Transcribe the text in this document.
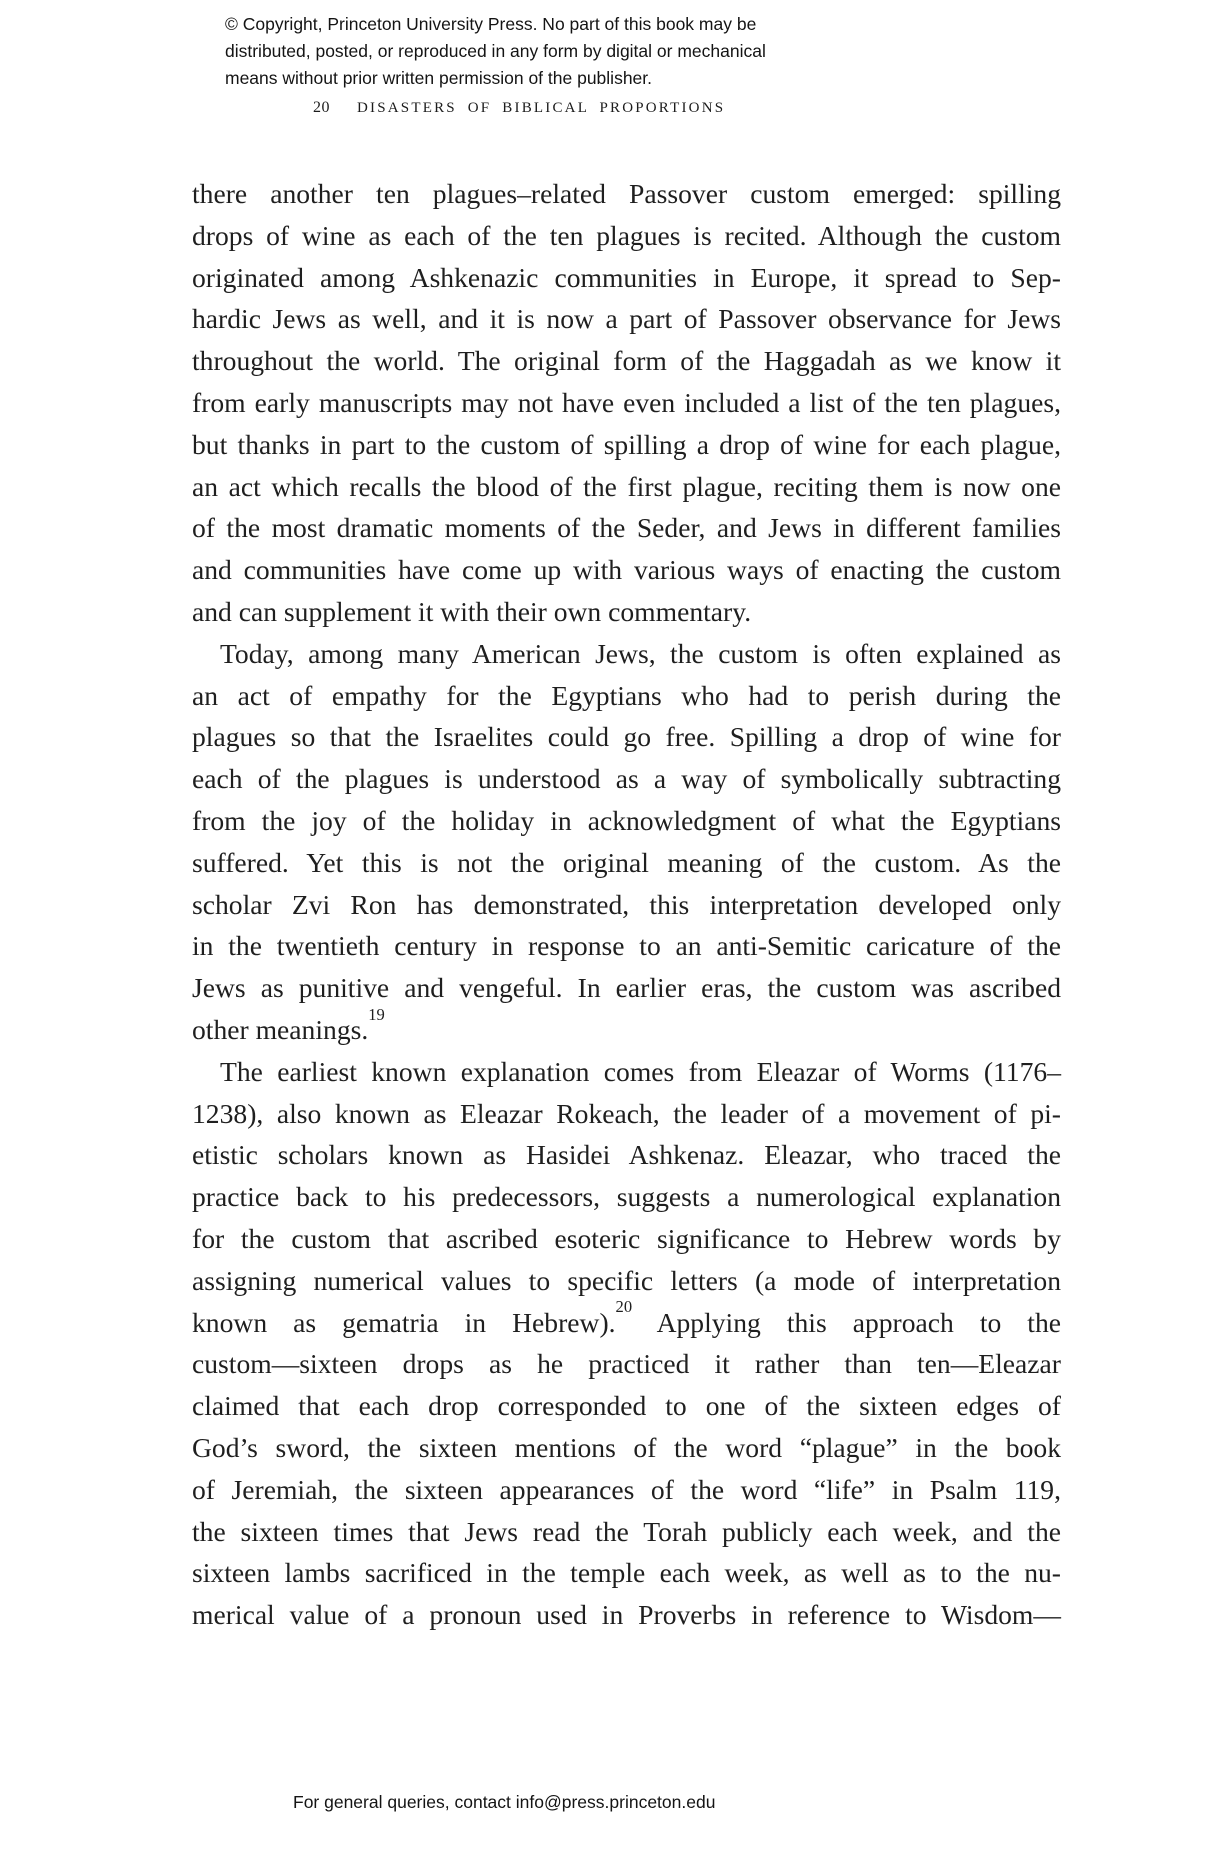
© Copyright, Princeton University Press. No part of this book may be
distributed, posted, or reproduced in any form by digital or mechanical
means without prior written permission of the publisher.
20 DISASTERS OF BIBLICAL PROPORTIONS
there another ten plagues–related Passover custom emerged: spilling
drops of wine as each of the ten plagues is recited. Although the custom
originated among Ashkenazic communities in Europe, it spread to Sep-
hardic Jews as well, and it is now a part of Passover observance for Jews
throughout the world. The original form of the Haggadah as we know it
from early manuscripts may not have even included a list of the ten plagues,
but thanks in part to the custom of spilling a drop of wine for each plague,
an act which recalls the blood of the first plague, reciting them is now one
of the most dramatic moments of the Seder, and Jews in different families
and communities have come up with various ways of enacting the custom
and can supplement it with their own commentary.
Today, among many American Jews, the custom is often explained as
an act of empathy for the Egyptians who had to perish during the
plagues so that the Israelites could go free. Spilling a drop of wine for
each of the plagues is understood as a way of symbolically subtracting
from the joy of the holiday in acknowledgment of what the Egyptians
suffered. Yet this is not the original meaning of the custom. As the
scholar Zvi Ron has demonstrated, this interpretation developed only
in the twentieth century in response to an anti-Semitic caricature of the
Jews as punitive and vengeful. In earlier eras, the custom was ascribed
other meanings.$^{19}$
The earliest known explanation comes from Eleazar of Worms (1176–
1238), also known as Eleazar Rokeach, the leader of a movement of pi-
etistic scholars known as Hasidei Ashkenaz. Eleazar, who traced the
practice back to his predecessors, suggests a numerological explanation
for the custom that ascribed esoteric significance to Hebrew words by
assigning numerical values to specific letters (a mode of interpretation
known as gematria in Hebrew).$^{20}$ Applying this approach to the
custom—sixteen drops as he practiced it rather than ten—Eleazar
claimed that each drop corresponded to one of the sixteen edges of
God’s sword, the sixteen mentions of the word “plague” in the book
of Jeremiah, the sixteen appearances of the word “life” in Psalm 119,
the sixteen times that Jews read the Torah publicly each week, and the
sixteen lambs sacrificed in the temple each week, as well as to the nu-
merical value of a pronoun used in Proverbs in reference to Wisdom—
For general queries, contact info@press.princeton.edu
